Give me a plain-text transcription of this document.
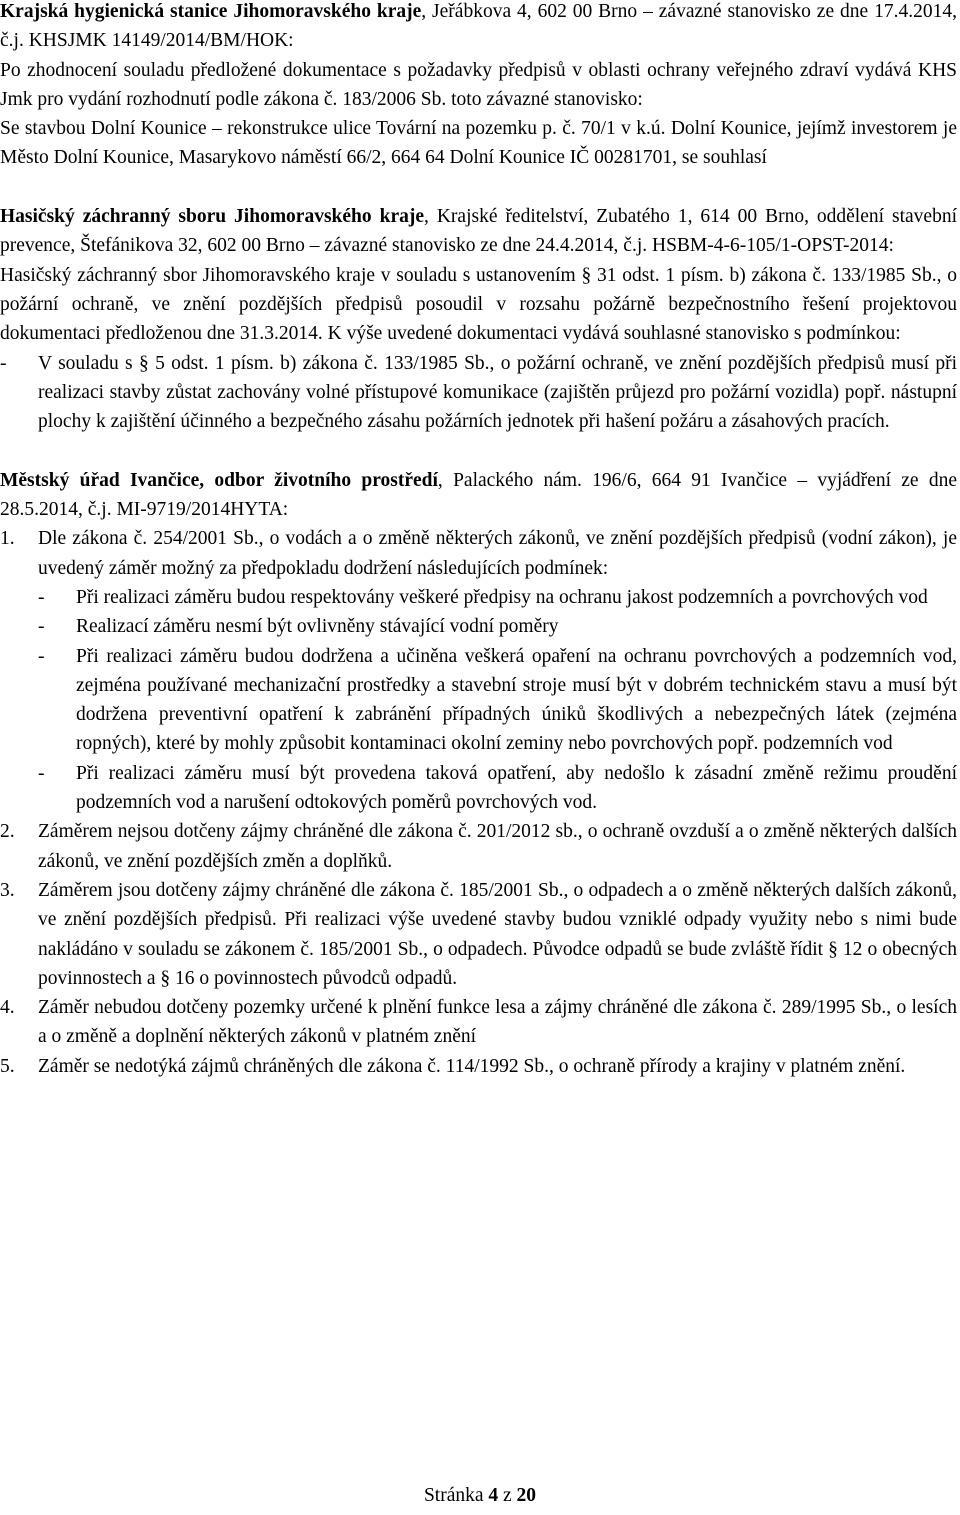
Krajská hygienická stanice Jihomoravského kraje, Jeřábkova 4, 602 00 Brno – závazné stanovisko ze dne 17.4.2014, č.j. KHSJMK 14149/2014/BM/HOK:

Po zhodnocení souladu předložené dokumentace s požadavky předpisů v oblasti ochrany veřejného zdraví vydává KHS Jmk pro vydání rozhodnutí podle zákona č. 183/2006 Sb. toto závazné stanovisko:

Se stavbou Dolní Kounice – rekonstrukce ulice Tovární na pozemku p. č. 70/1 v k.ú. Dolní Kounice, jejímž investorem je Město Dolní Kounice, Masarykovo náměstí 66/2, 664 64 Dolní Kounice IČ 00281701, se souhlasí

Hasičský záchranný sboru Jihomoravského kraje, Krajské ředitelství, Zubatého 1, 614 00 Brno, oddělení stavební prevence, Štefánikova 32, 602 00 Brno – závazné stanovisko ze dne 24.4.2014, č.j. HSBM-4-6-105/1-OPST-2014:

Hasičský záchranný sbor Jihomoravského kraje v souladu s ustanovením § 31 odst. 1 písm. b) zákona č. 133/1985 Sb., o požární ochraně, ve znění pozdějších předpisů posoudil v rozsahu požárně bezpečnostního řešení projektovou dokumentaci předloženou dne 31.3.2014. K výše uvedené dokumentaci vydává souhlasné stanovisko s podmínkou:

-	V souladu s § 5 odst. 1 písm. b) zákona č. 133/1985 Sb., o požární ochraně, ve znění pozdějších předpisů musí při realizaci stavby zůstat zachovány volné přístupové komunikace (zajištěn průjezd pro požární vozidla) popř. nástupní plochy k zajištění účinného a bezpečného zásahu požárních jednotek při hašení požáru a zásahových pracích.

Městský úřad Ivančice, odbor životního prostředí, Palackého nám. 196/6, 664 91 Ivančice – vyjádření ze dne 28.5.2014, č.j. MI-9719/2014HYTA:

1.	Dle zákona č. 254/2001 Sb., o vodách a o změně některých zákonů, ve znění pozdějších předpisů (vodní zákon), je uvedený záměr možný za předpokladu dodržení následujících podmínek:
-	Při realizaci záměru budou respektovány veškeré předpisy na ochranu jakost podzemních a povrchových vod
-	Realizací záměru nesmí být ovlivněny stávající vodní poměry
-	Při realizaci záměru budou dodržena a učiněna veškerá opaření na ochranu povrchových a podzemních vod, zejména používané mechanizační prostředky a stavební stroje musí být v dobrém technickém stavu a musí být dodržena preventivní opatření k zabránění případných úniků škodlivých a nebezpečných látek (zejména ropných), které by mohly způsobit kontaminaci okolní zeminy nebo povrchových popř. podzemních vod
-	Při realizaci záměru musí být provedena taková opatření, aby nedošlo k zásadní změně režimu proudění podzemních vod a narušení odtokových poměrů povrchových vod.
2.	Záměrem nejsou dotčeny zájmy chráněné dle zákona č. 201/2012 sb., o ochraně ovzduší a o změně některých dalších zákonů, ve znění pozdějších změn a doplňků.
3.	Záměrem jsou dotčeny zájmy chráněné dle zákona č. 185/2001 Sb., o odpadech a o změně některých dalších zákonů, ve znění pozdějších předpisů. Při realizaci výše uvedené stavby budou vzniklé odpady využity nebo s nimi bude nakládáno v souladu se zákonem č. 185/2001 Sb., o odpadech. Původce odpadů se bude zvláště řídit § 12 o obecných povinnostech a § 16 o povinnostech původců odpadů.
4.	Záměr nebudou dotčeny pozemky určené k plnění funkce lesa a zájmy chráněné dle zákona č. 289/1995 Sb., o lesích a o změně a doplnění některých zákonů v platném znění
5.	Záměr se nedotýká zájmů chráněných dle zákona č. 114/1992 Sb., o ochraně přírody a krajiny v platném znění.
Stránka 4 z 20
